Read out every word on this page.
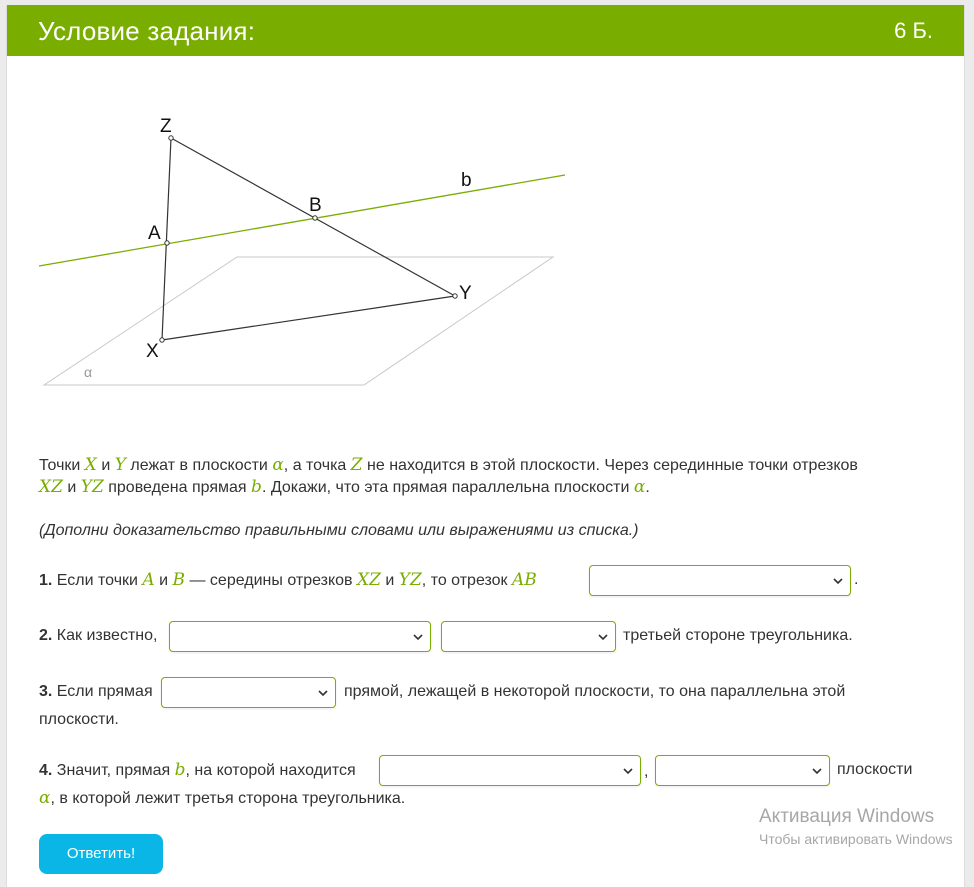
Условие задания:	6 Б.
α
Z
A
B
b
Y
X
Точки X и Y лежат в плоскости α, а точка Z не находится в этой плоскости. Через серединные точки отрезков
XZ и YZ проведена прямая b. Докажи, что эта прямая параллельна плоскости α.
(Дополни доказательство правильными словами или выражениями из списка.)
1. Если точки A и B — середины отрезков XZ и YZ, то отрезок AB	.
2. Как известно,	третьей стороне треугольника.
3. Если прямая	прямой, лежащей в некоторой плоскости, то она параллельна этой
плоскости.
4. Значит, прямая b, на которой находится	,	плоскости
α, в которой лежит третья сторона треугольника.
Ответить!
Активация Windows
Чтобы активировать Windows
